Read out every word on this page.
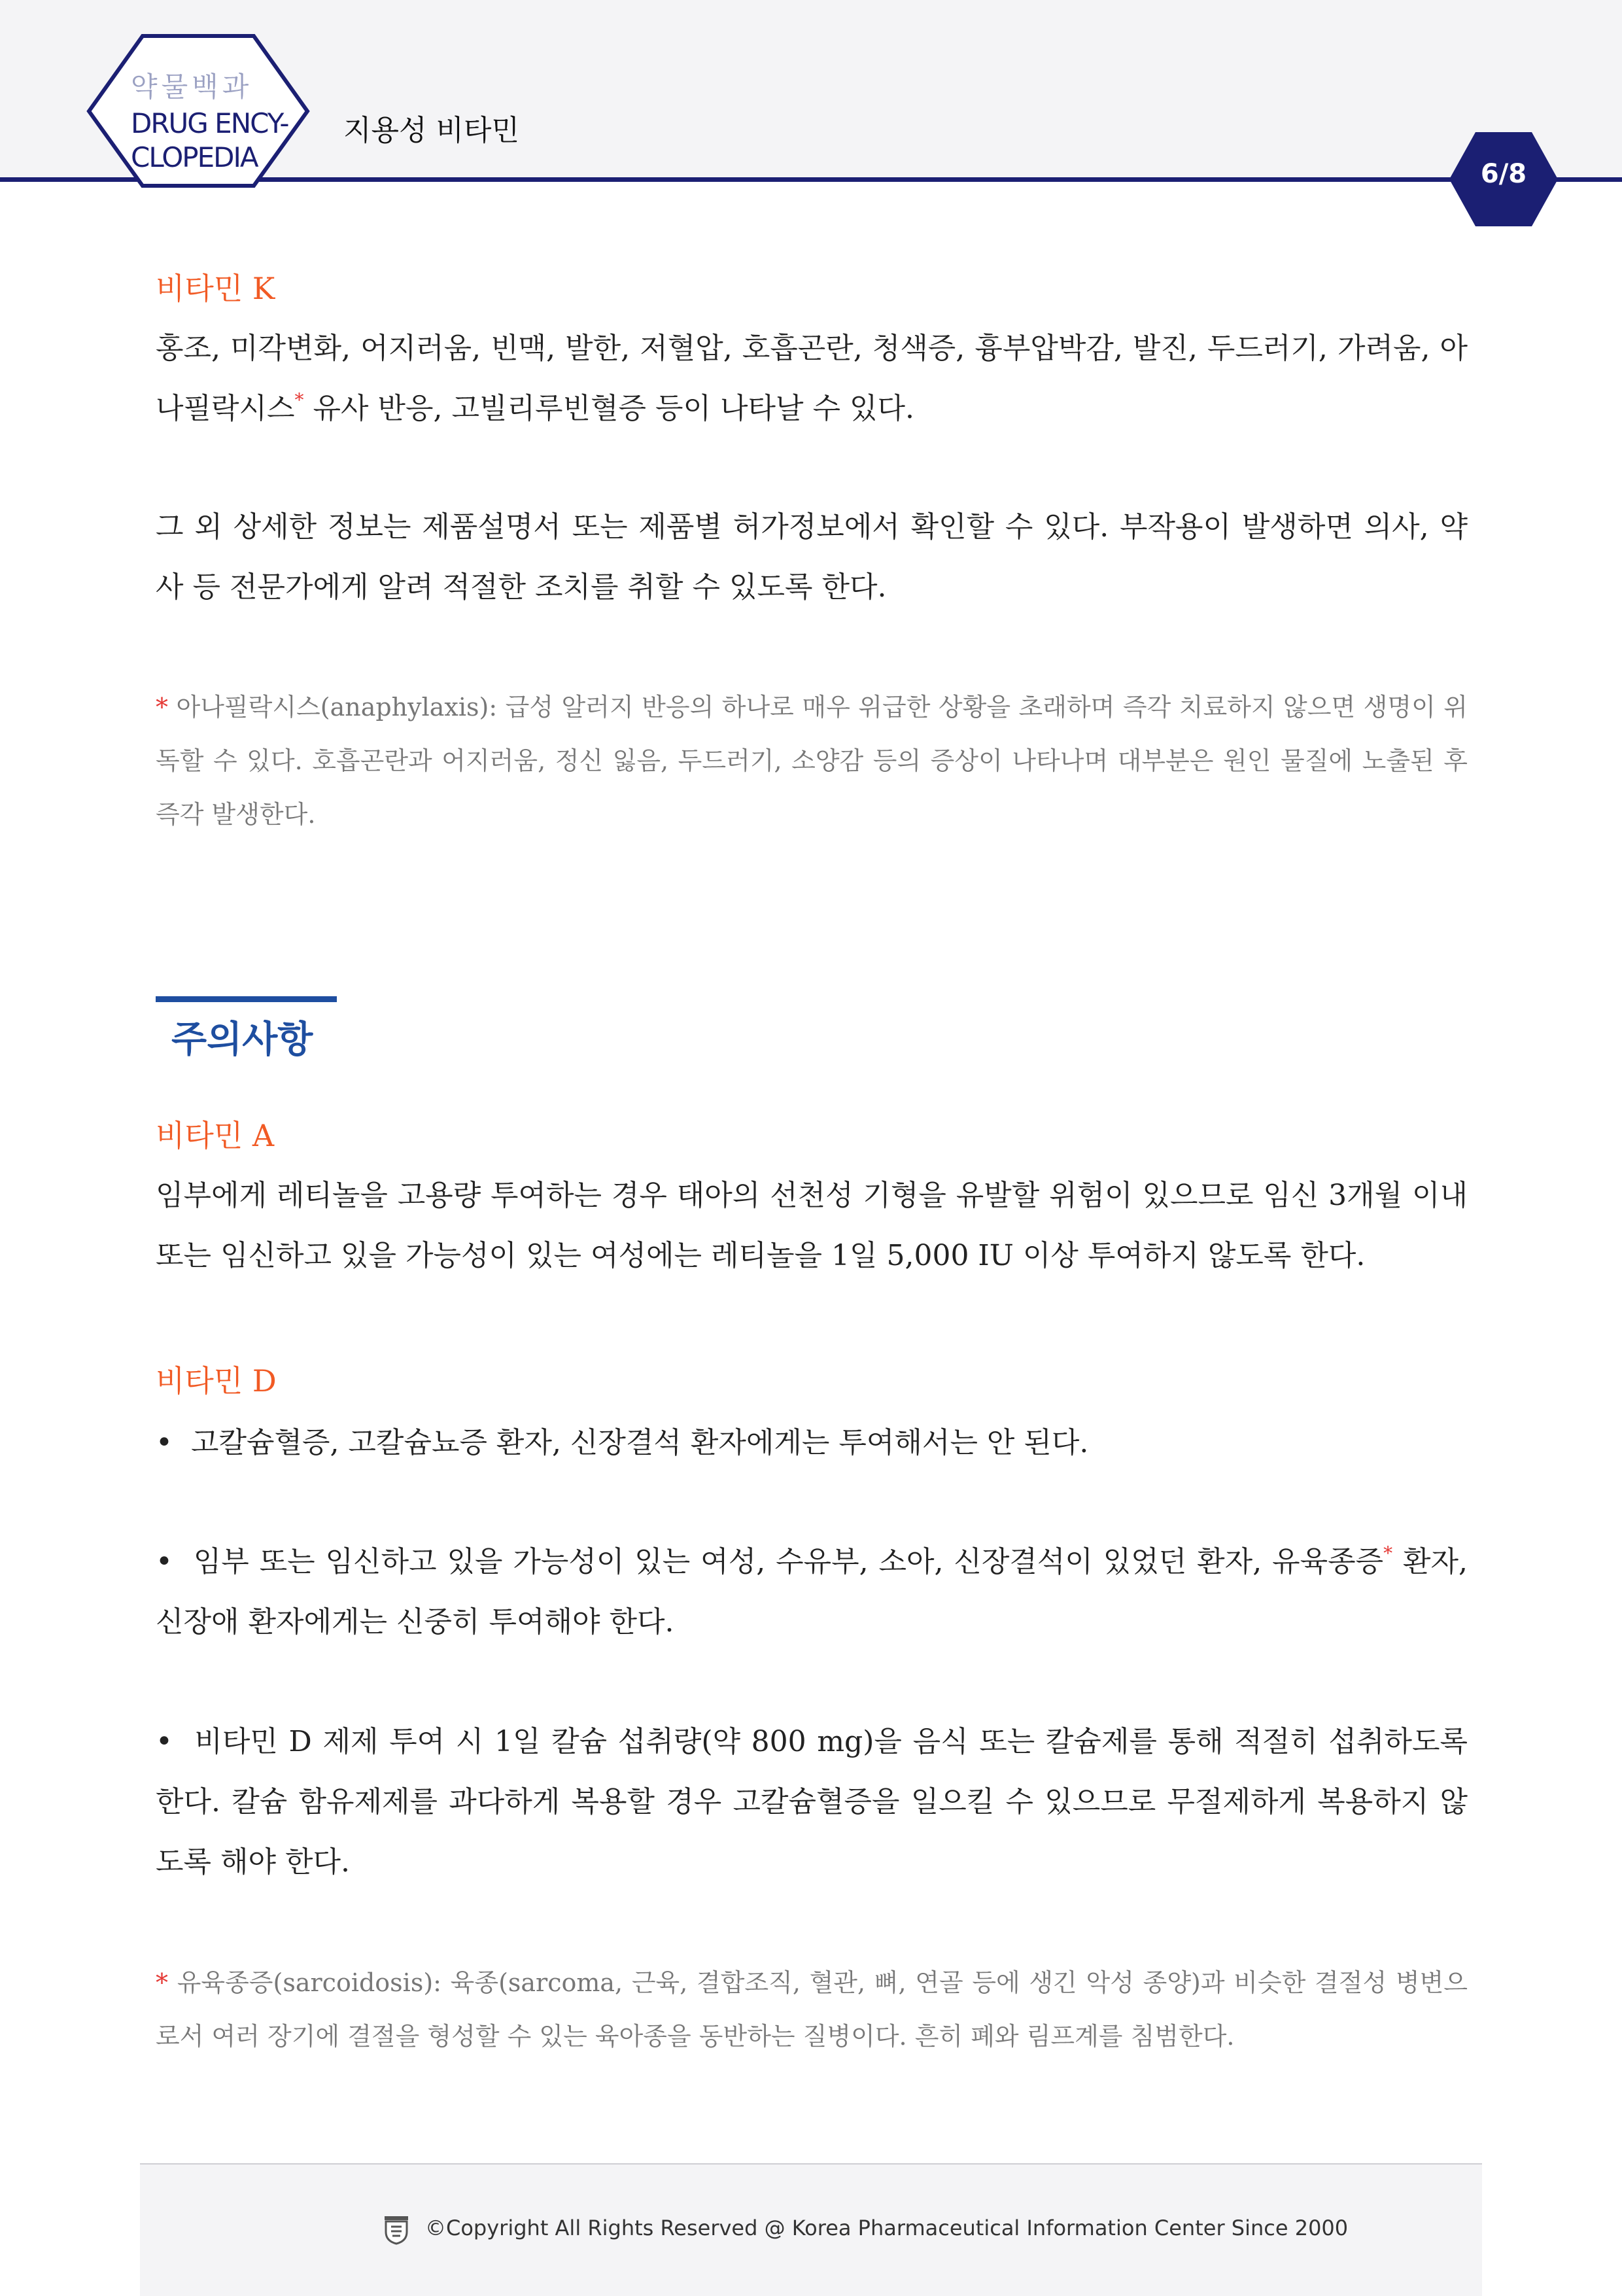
약물백과
DRUG ENCY-
CLOPEDIA
지용성 비타민
6/8
비타민 K
홍조, 미각변화, 어지러움, 빈맥, 발한, 저혈압, 호흡곤란, 청색증, 흉부압박감, 발진, 두드러기, 가려움, 아나필락시스* 유사 반응, 고빌리루빈혈증 등이 나타날 수 있다.
그 외 상세한 정보는 제품설명서 또는 제품별 허가정보에서 확인할 수 있다. 부작용이 발생하면 의사, 약사 등 전문가에게 알려 적절한 조치를 취할 수 있도록 한다.
* 아나필락시스(anaphylaxis): 급성 알러지 반응의 하나로 매우 위급한 상황을 초래하며 즉각 치료하지 않으면 생명이 위독할 수 있다. 호흡곤란과 어지러움, 정신 잃음, 두드러기, 소양감 등의 증상이 나타나며 대부분은 원인 물질에 노출된 후 즉각 발생한다.
주의사항
비타민 A
임부에게 레티놀을 고용량 투여하는 경우 태아의 선천성 기형을 유발할 위험이 있으므로 임신 3개월 이내 또는 임신하고 있을 가능성이 있는 여성에는 레티놀을 1일 5,000 IU 이상 투여하지 않도록 한다.
비타민 D
• 고칼슘혈증, 고칼슘뇨증 환자, 신장결석 환자에게는 투여해서는 안 된다.
• 임부 또는 임신하고 있을 가능성이 있는 여성, 수유부, 소아, 신장결석이 있었던 환자, 유육종증* 환자, 신장애 환자에게는 신중히 투여해야 한다.
• 비타민 D 제제 투여 시 1일 칼슘 섭취량(약 800 mg)을 음식 또는 칼슘제를 통해 적절히 섭취하도록 한다. 칼슘 함유제제를 과다하게 복용할 경우 고칼슘혈증을 일으킬 수 있으므로 무절제하게 복용하지 않도록 해야 한다.
* 유육종증(sarcoidosis): 육종(sarcoma, 근육, 결합조직, 혈관, 뼈, 연골 등에 생긴 악성 종양)과 비슷한 결절성 병변으로서 여러 장기에 결절을 형성할 수 있는 육아종을 동반하는 질병이다. 흔히 폐와 림프계를 침범한다.
©Copyright All Rights Reserved @ Korea Pharmaceutical Information Center Since 2000
